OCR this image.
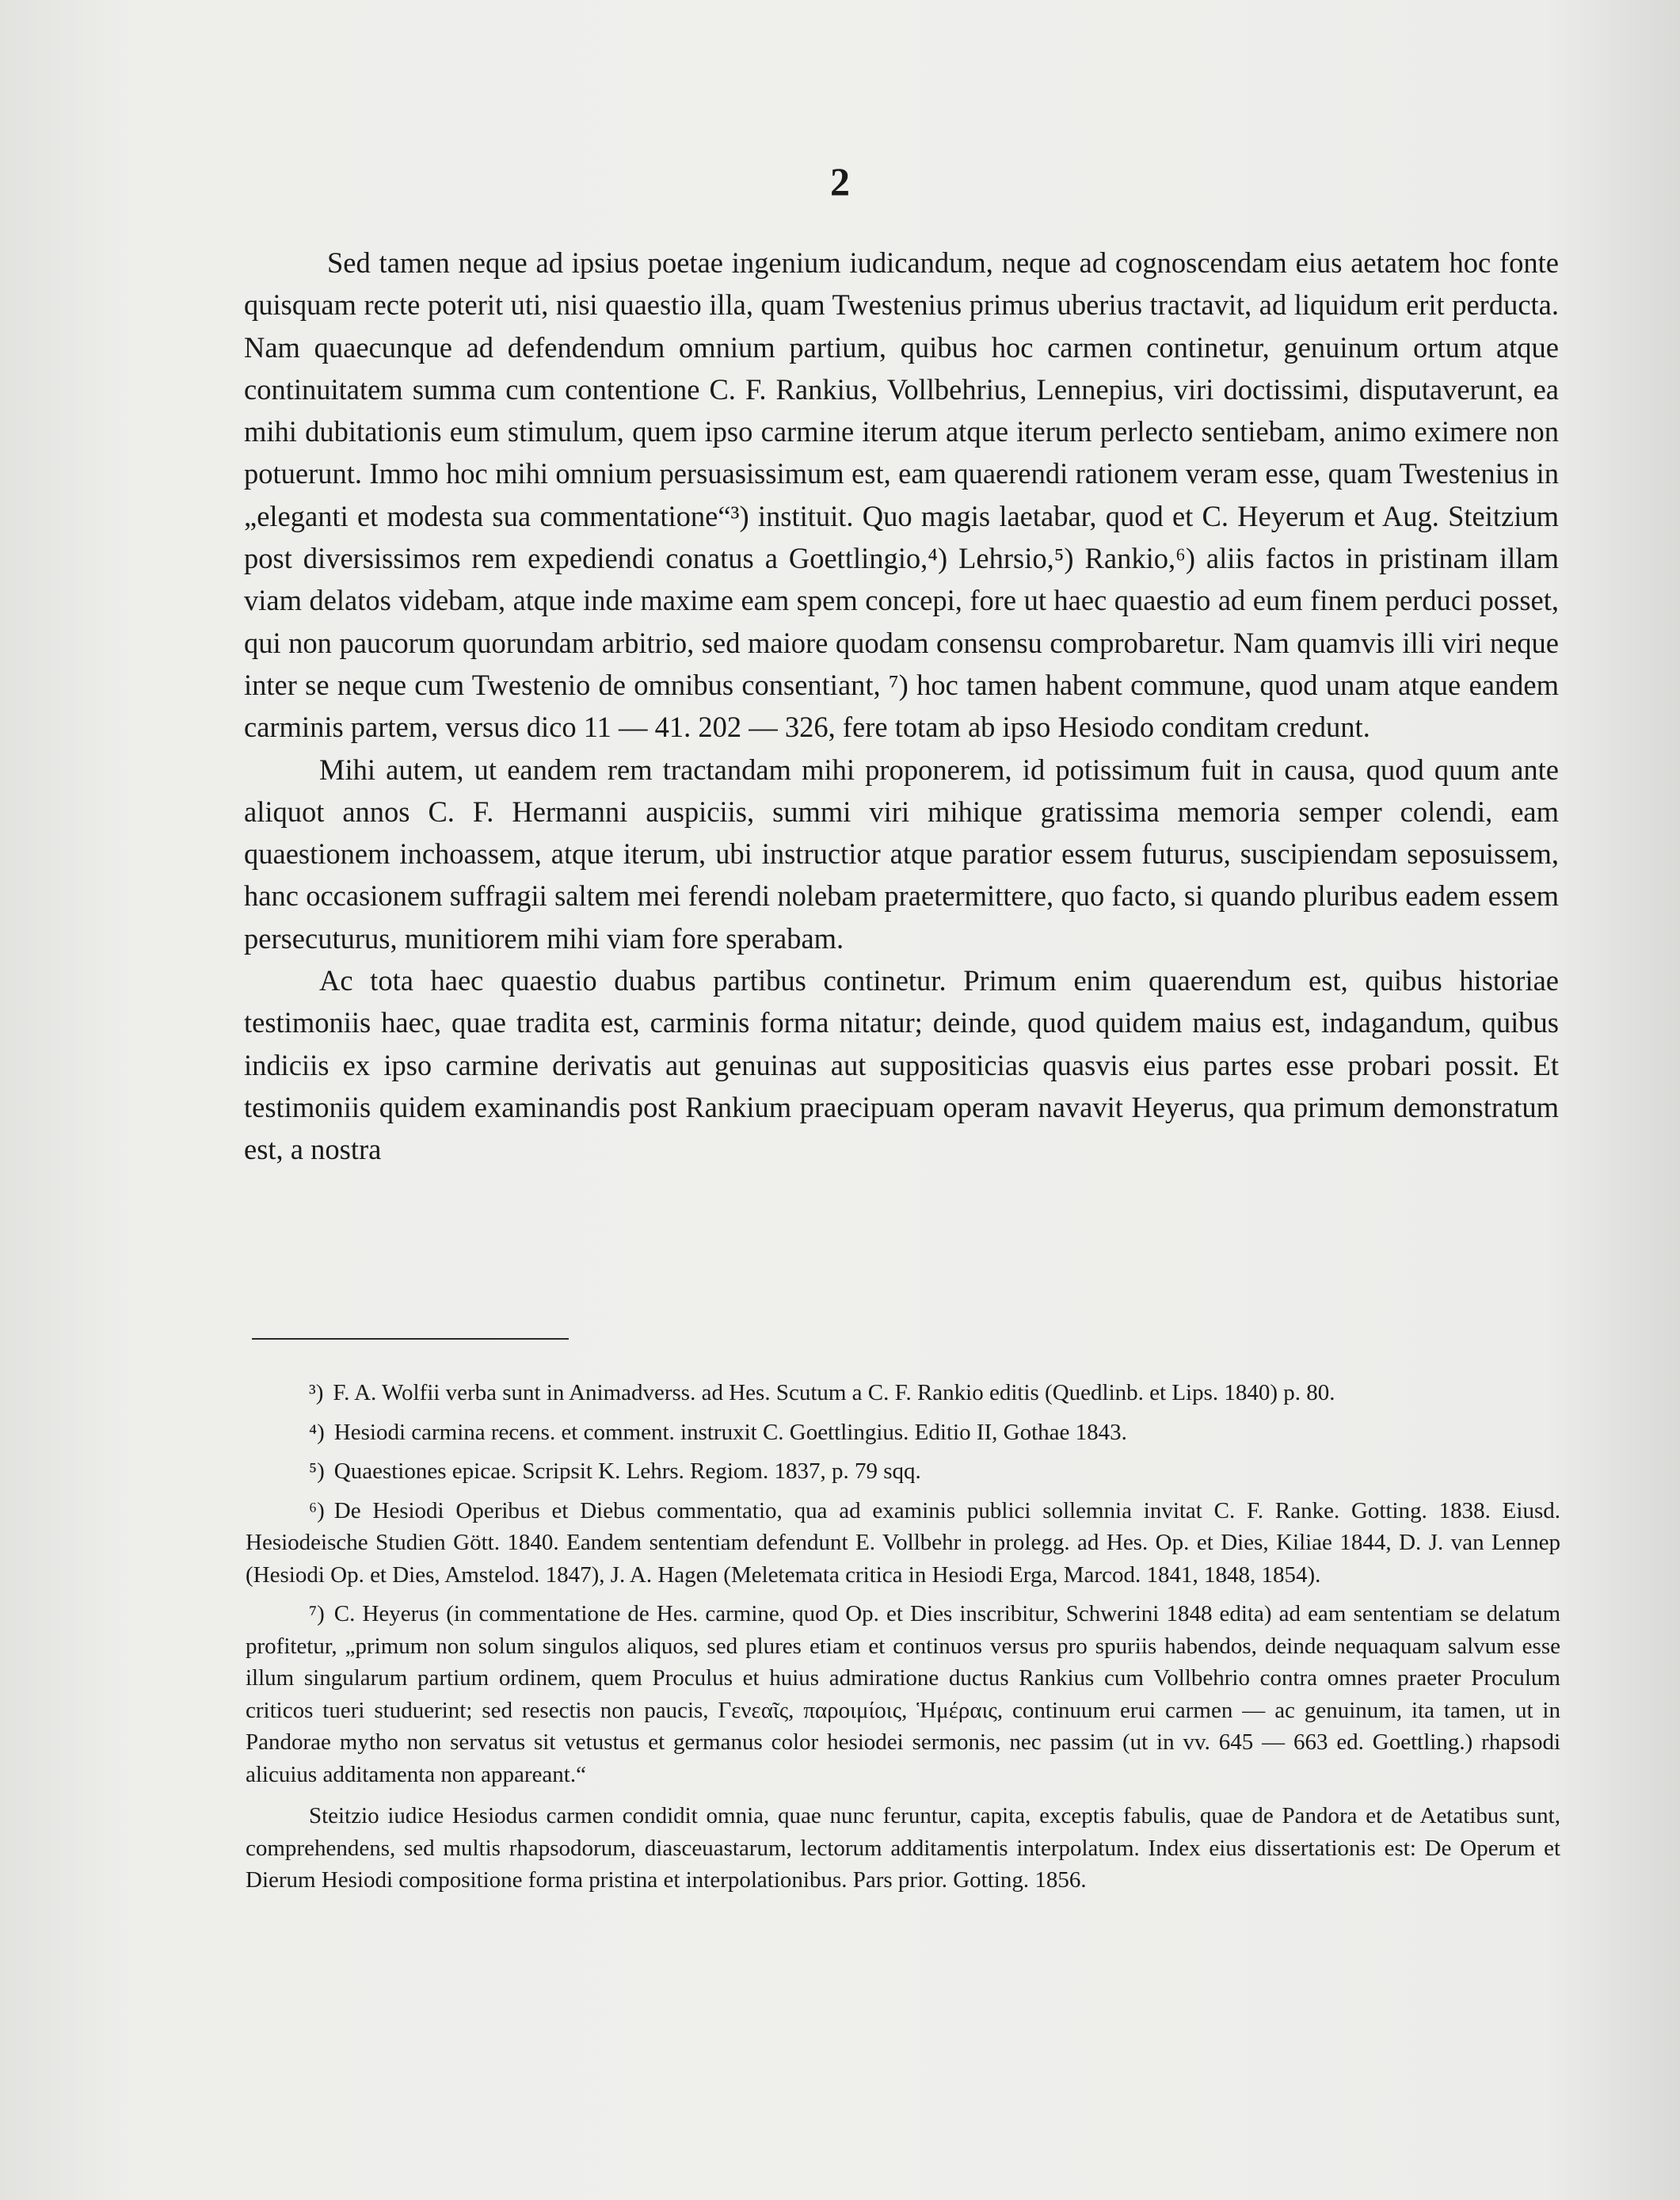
2

Sed tamen neque ad ipsius poetae ingenium iudicandum, neque ad cognoscendam eius aetatem hoc fonte quisquam recte poterit uti, nisi quaestio illa, quam Twestenius primus uberius tractavit, ad liquidum erit perducta. Nam quaecunque ad defendendum omnium partium, quibus hoc carmen continetur, genuinum ortum atque continuitatem summa cum contentione C. F. Rankius, Vollbehrius, Lennepius, viri doctissimi, disputaverunt, ea mihi dubitationis eum stimulum, quem ipso carmine iterum atque iterum perlecto sentiebam, animo eximere non potuerunt. Immo hoc mihi omnium persuasissimum est, eam quaerendi rationem veram esse, quam Twestenius in „eleganti et modesta sua commentatione“³) instituit. Quo magis laetabar, quod et C. Heyerum et Aug. Steitzium post diversissimos rem expediendi conatus a Goettlingio,⁴) Lehrsio,⁵) Rankio,⁶) aliis factos in pristinam illam viam delatos videbam, atque inde maxime eam spem concepi, fore ut haec quaestio ad eum finem perduci posset, qui non paucorum quorundam arbitrio, sed maiore quodam consensu comprobaretur. Nam quamvis illi viri neque inter se neque cum Twestenio de omnibus consentiant, ⁷) hoc tamen habent commune, quod unam atque eandem carminis partem, versus dico 11 — 41. 202 — 326, fere totam ab ipso Hesiodo conditam credunt.

Mihi autem, ut eandem rem tractandam mihi proponerem, id potissimum fuit in causa, quod quum ante aliquot annos C. F. Hermanni auspiciis, summi viri mihique gratissima memoria semper colendi, eam quaestionem inchoassem, atque iterum, ubi instructior atque paratior essem futurus, suscipiendam seposuissem, hanc occasionem suffragii saltem mei ferendi nolebam praetermittere, quo facto, si quando pluribus eadem essem persecuturus, munitiorem mihi viam fore sperabam.

Ac tota haec quaestio duabus partibus continetur. Primum enim quaerendum est, quibus historiae testimoniis haec, quae tradita est, carminis forma nitatur; deinde, quod quidem maius est, indagandum, quibus indiciis ex ipso carmine derivatis aut genuinas aut suppositicias quasvis eius partes esse probari possit. Et testimoniis quidem examinandis post Rankium praecipuam operam navavit Heyerus, qua primum demonstratum est, a nostra

³) F. A. Wolfii verba sunt in Animadverss. ad Hes. Scutum a C. F. Rankio editis (Quedlinb. et Lips. 1840) p. 80.

⁴) Hesiodi carmina recens. et comment. instruxit C. Goettlingius. Editio II, Gothae 1843.

⁵) Quaestiones epicae. Scripsit K. Lehrs. Regiom. 1837, p. 79 sqq.

⁶) De Hesiodi Operibus et Diebus commentatio, qua ad examinis publici sollemnia invitat C. F. Ranke. Gotting. 1838. Eiusd. Hesiodeische Studien Gött. 1840. Eandem sententiam defendunt E. Vollbehr in prolegg. ad Hes. Op. et Dies, Kiliae 1844, D. J. van Lennep (Hesiodi Op. et Dies, Amstelod. 1847), J. A. Hagen (Meletemata critica in Hesiodi Erga, Marcod. 1841, 1848, 1854).

⁷) C. Heyerus (in commentatione de Hes. carmine, quod Op. et Dies inscribitur, Schwerini 1848 edita) ad eam sententiam se delatum profitetur, „primum non solum singulos aliquos, sed plures etiam et continuos versus pro spuriis habendos, deinde nequaquam salvum esse illum singularum partium ordinem, quem Proculus et huius admiratione ductus Rankius cum Vollbehrio contra omnes praeter Proculum criticos tueri studuerint; sed resectis non paucis, Γενεαῖς, παροιμίοις, Ἡμέραις, continuum erui carmen — ac genuinum, ita tamen, ut in Pandorae mytho non servatus sit vetustus et germanus color hesiodei sermonis, nec passim (ut in vv. 645 — 663 ed. Goettling.) rhapsodi alicuius additamenta non appareant.“

Steitzio iudice Hesiodus carmen condidit omnia, quae nunc feruntur, capita, exceptis fabulis, quae de Pandora et de Aetatibus sunt, comprehendens, sed multis rhapsodorum, diasceuastarum, lectorum additamentis interpolatum. Index eius dissertationis est: De Operum et Dierum Hesiodi compositione forma pristina et interpolationibus. Pars prior. Gotting. 1856.
